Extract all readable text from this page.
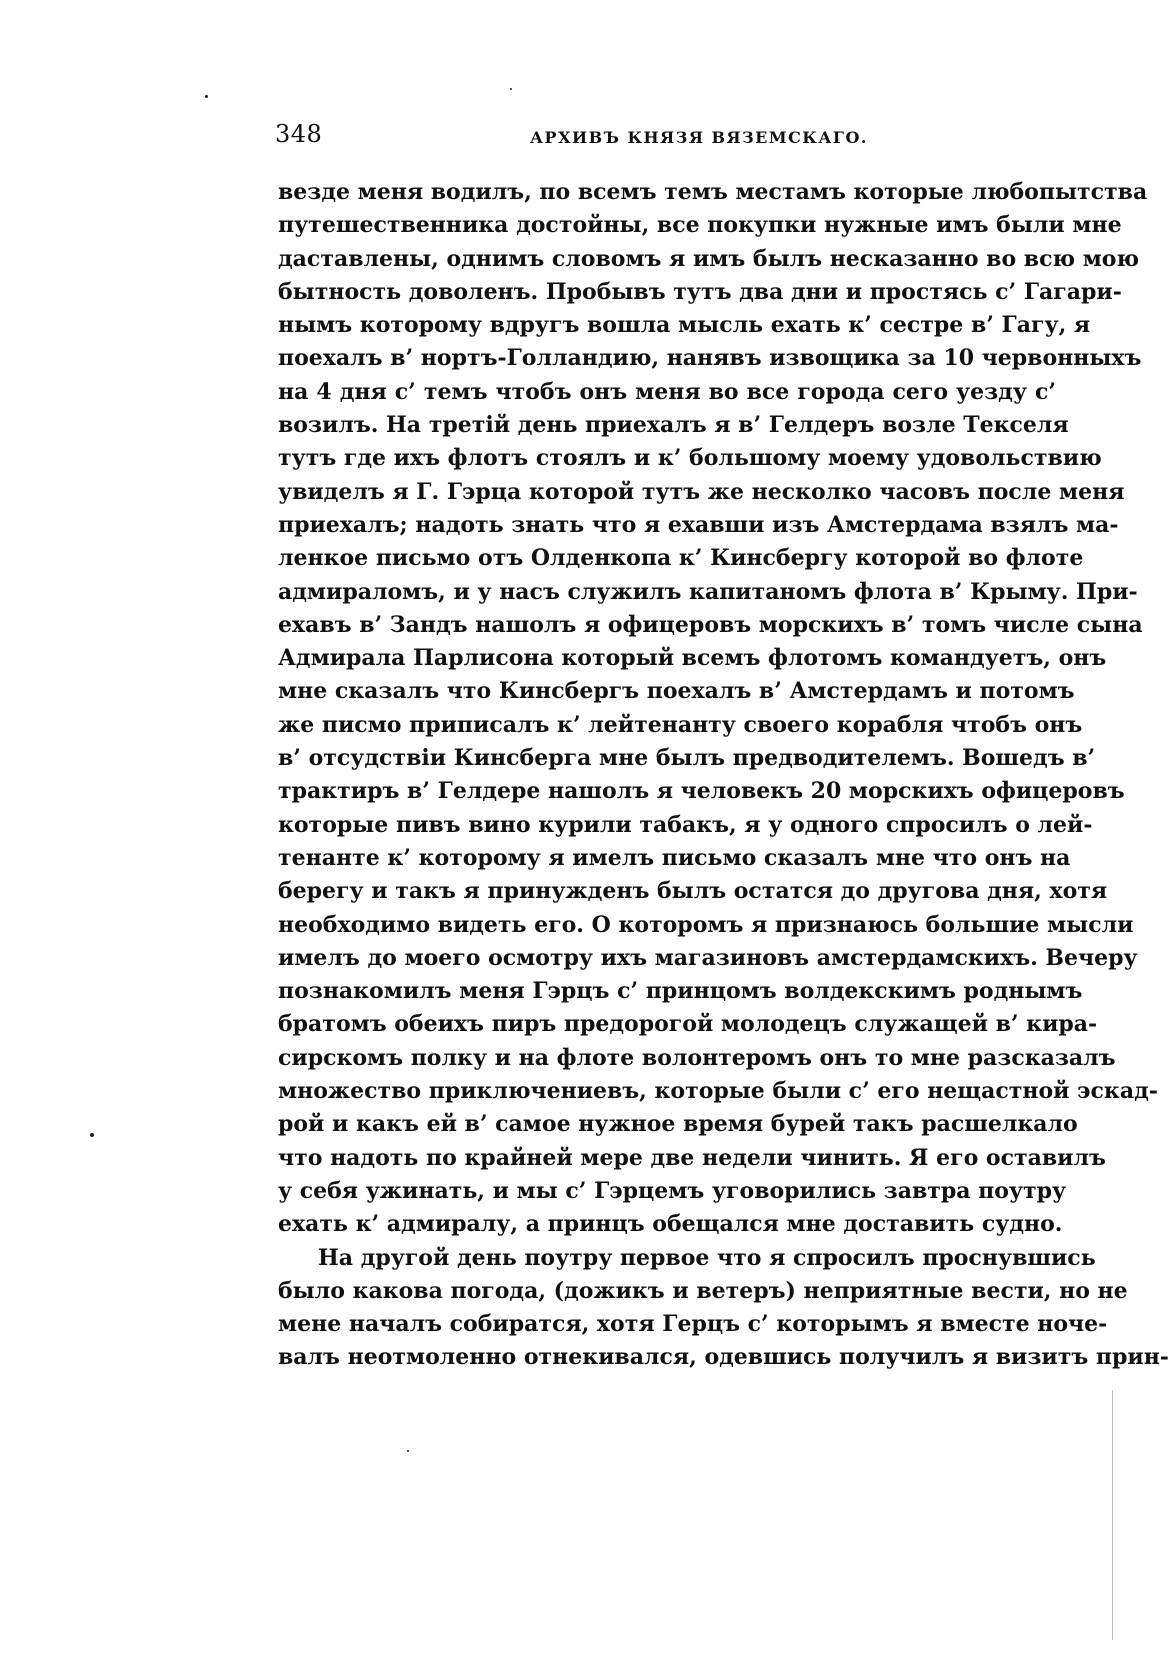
348	АРХИВЪ КНЯЗЯ ВЯЗЕМСКАГО.
везде меня водилъ, по всемъ темъ местамъ которые любопытства
путешественника достойны, все покупки нужные имъ были мне
даставлены, однимъ словомъ я имъ былъ несказанно во всю мою
бытность доволенъ. Пробывъ тутъ два дни и простясь с’ Гагари-
нымъ которому вдругъ вошла мысль ехать к’ сестре в’ Гагу, я
поехалъ в’ нортъ-Голландию, нанявъ извощика за 10 червонныхъ
на 4 дня с’ темъ чтобъ онъ меня во все города сего уезду с’
возилъ. На третій день приехалъ я в’ Гелдеръ возле Текселя
тутъ где ихъ флотъ стоялъ и к’ большому моему удовольствию
увиделъ я Г. Гэрца которой тутъ же несколко часовъ после меня
приехалъ; надоть знать что я ехавши изъ Амстердама взялъ ма-
ленкое письмо отъ Олденкопа к’ Кинсбергу которой во флоте
адмираломъ, и у насъ служилъ капитаномъ флота в’ Крыму. При-
ехавъ в’ Зандъ нашолъ я офицеровъ морскихъ в’ томъ числе сына
Адмирала Парлисона который всемъ флотомъ командуетъ, онъ
мне сказалъ что Кинсбергъ поехалъ в’ Амстердамъ и потомъ
же писмо приписалъ к’ лейтенанту своего корабля чтобъ онъ
в’ отсудствіи Кинсберга мне былъ предводителемъ. Вошедъ в’
трактиръ в’ Гелдере нашолъ я человекъ 20 морскихъ офицеровъ
которые пивъ вино курили табакъ, я у одного спросилъ о лей-
тенанте к’ которому я имелъ письмо сказалъ мне что онъ на
берегу и такъ я принужденъ былъ остатся до другова дня, хотя
необходимо видеть его. О которомъ я признаюсь большие мысли
имелъ до моего осмотру ихъ магазиновъ амстердамскихъ. Вечеру
познакомилъ меня Гэрцъ с’ принцомъ волдекскимъ роднымъ
братомъ обеихъ пиръ предорогой молодецъ служащей в’ кира-
сирскомъ полку и на флоте волонтеромъ онъ то мне разсказалъ
множество приключениевъ, которые были с’ его нещастной эскад-
рой и какъ ей в’ самое нужное время бурей такъ расшелкало
что надоть по крайней мере две недели чинить. Я его оставилъ
у себя ужинать, и мы с’ Гэрцемъ уговорились завтра поутру
ехать к’ адмиралу, а принцъ обещался мне доставить судно.
На другой день поутру первое что я спросилъ проснувшись
было какова погода, (дожикъ и ветеръ) неприятные вести, но не
мене началъ собиратся, хотя Герцъ с’ которымъ я вместе ноче-
валъ неотмоленно отнекивался, одевшись получилъ я визитъ прин-
